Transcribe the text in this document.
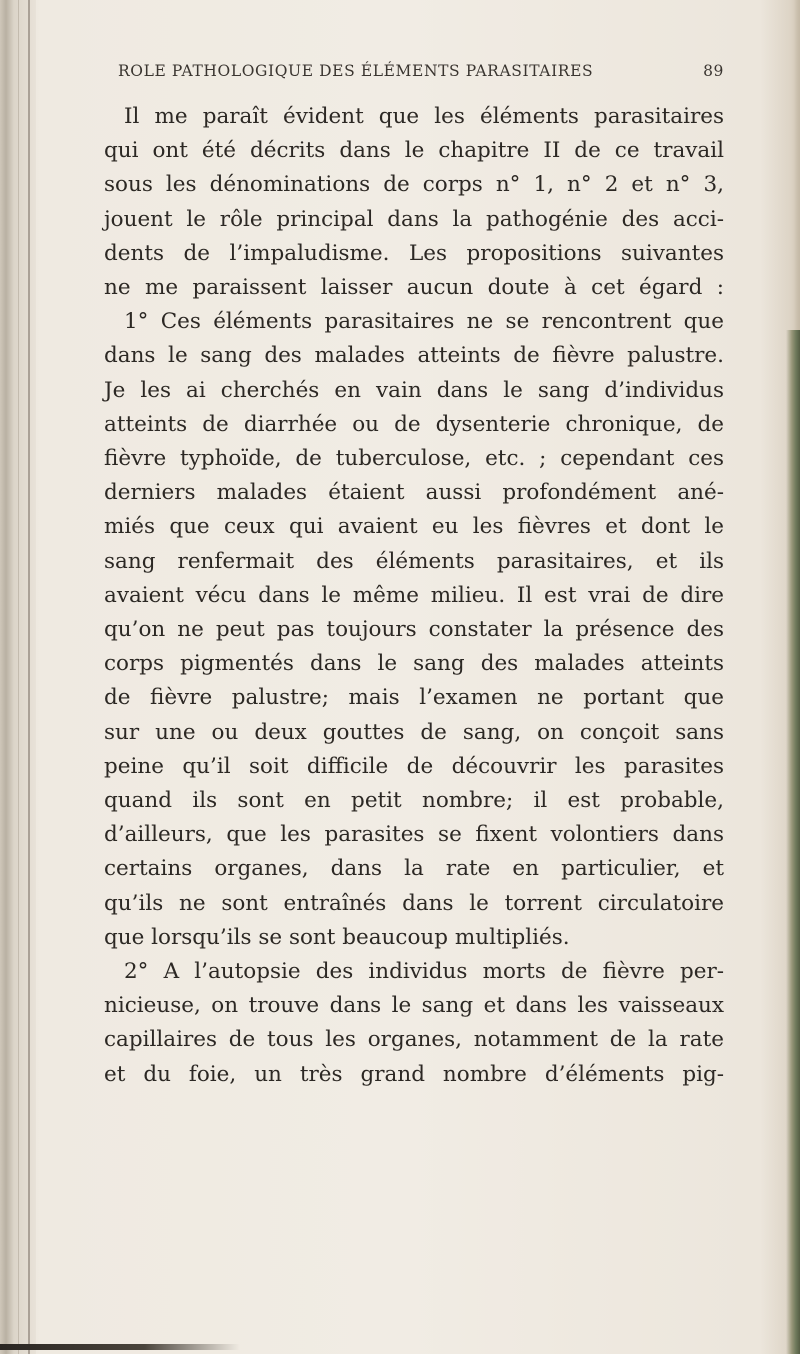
ROLE PATHOLOGIQUE DES ÉLÉMENTS PARASITAIRES	89
Il me paraît évident que les éléments parasitaires
qui ont été décrits dans le chapitre II de ce travail
sous les dénominations de corps n° 1, n° 2 et n° 3,
jouent le rôle principal dans la pathogénie des acci-
dents de l’impaludisme. Les propositions suivantes
ne me paraissent laisser aucun doute à cet égard :
1° Ces éléments parasitaires ne se rencontrent que
dans le sang des malades atteints de fièvre palustre.
Je les ai cherchés en vain dans le sang d’individus
atteints de diarrhée ou de dysenterie chronique, de
fièvre typhoïde, de tuberculose, etc. ; cependant ces
derniers malades étaient aussi profondément ané-
miés que ceux qui avaient eu les fièvres et dont le
sang renfermait des éléments parasitaires, et ils
avaient vécu dans le même milieu. Il est vrai de dire
qu’on ne peut pas toujours constater la présence des
corps pigmentés dans le sang des malades atteints
de fièvre palustre; mais l’examen ne portant que
sur une ou deux gouttes de sang, on conçoit sans
peine qu’il soit difficile de découvrir les parasites
quand ils sont en petit nombre; il est probable,
d’ailleurs, que les parasites se fixent volontiers dans
certains organes, dans la rate en particulier, et
qu’ils ne sont entraînés dans le torrent circulatoire
que lorsqu’ils se sont beaucoup multipliés.
2° A l’autopsie des individus morts de fièvre per-
nicieuse, on trouve dans le sang et dans les vaisseaux
capillaires de tous les organes, notamment de la rate
et du foie, un très grand nombre d’éléments pig-
